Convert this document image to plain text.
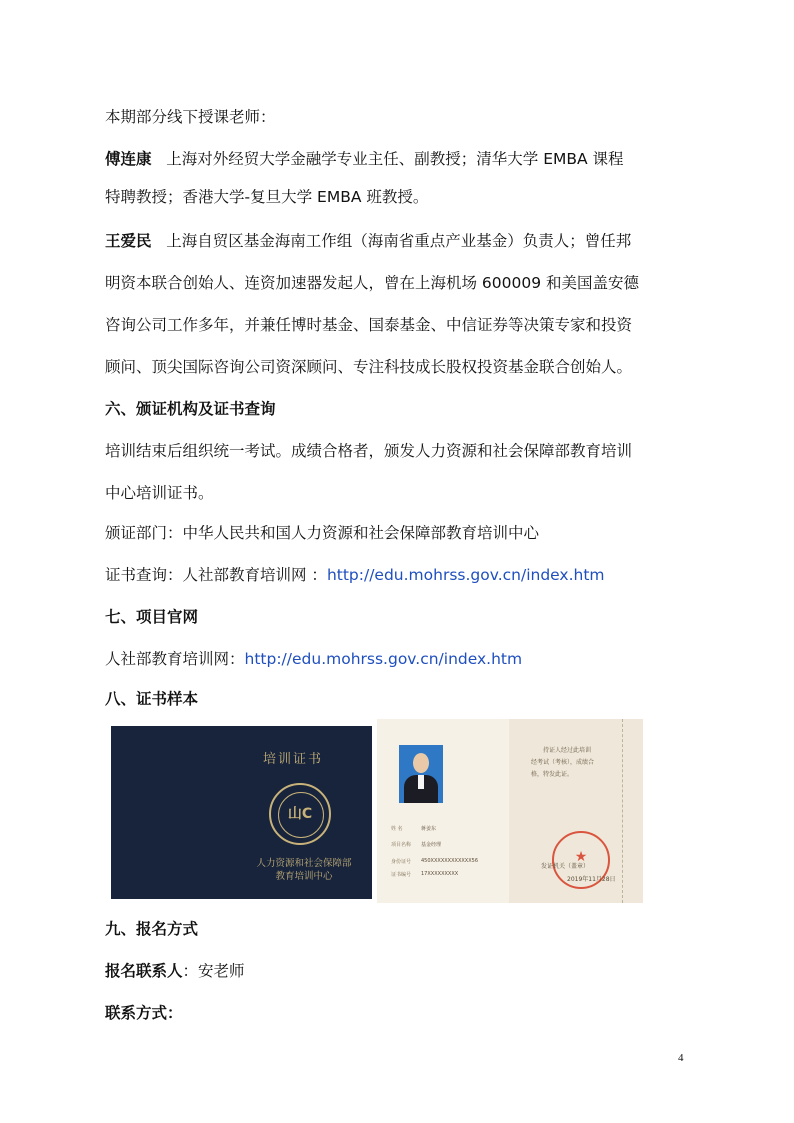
本期部分线下授课老师：
傅连康 上海对外经贸大学金融学专业主任、副教授；清华大学 EMBA 课程
特聘教授；香港大学-复旦大学 EMBA 班教授。
王爱民 上海自贸区基金海南工作组（海南省重点产业基金）负责人；曾任邦
明资本联合创始人、连资加速器发起人，曾在上海机场 600009 和美国盖安德
咨询公司工作多年，并兼任博时基金、国泰基金、中信证券等决策专家和投资
顾问、顶尖国际咨询公司资深顾问、专注科技成长股权投资基金联合创始人。
六、颁证机构及证书查询
培训结束后组织统一考试。成绩合格者，颁发人力资源和社会保障部教育培训
中心培训证书。
颁证部门：中华人民共和国人力资源和社会保障部教育培训中心
证书查询：人社部教育培训网 ：http://edu.mohrss.gov.cn/index.htm
七、项目官网
人社部教育培训网：http://edu.mohrss.gov.cn/index.htm
八、证书样本
培训证书
山C
人力资源和社会保障部 教育培训中心
姓 名	蒋姜东
项目名称 基金经理
身份证号 450XXXXXXXXXXXX56
证书编号 17XXXXXXXXX
持证人经过此培训
经考试（考核），成绩合
格，特发此证。
★
发证机关（盖章）
2019年11月28日
九、报名方式
报名联系人：安老师
联系方式：
4
